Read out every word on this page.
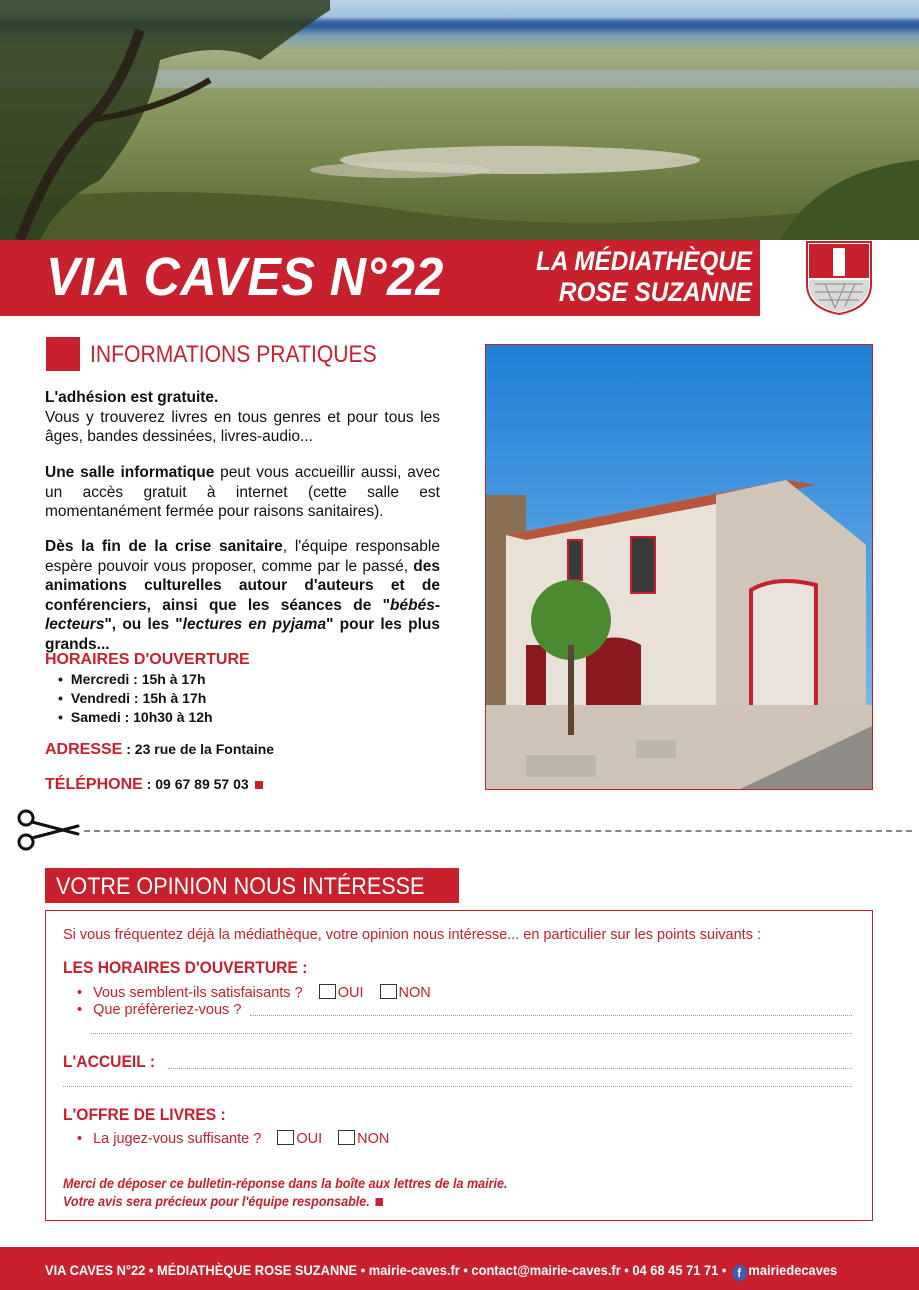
VIA CAVES N°22	LA MÉDIATHÈQUE
ROSE SUZANNE
INFORMATIONS PRATIQUES
L'adhésion est gratuite.
Vous y trouverez livres en tous genres et pour tous les âges, bandes dessinées, livres-audio...
Une salle informatique peut vous accueillir aussi, avec un accès gratuit à internet (cette salle est momentanément fermée pour raisons sanitaires).
Dès la fin de la crise sanitaire, l'équipe responsable espère pouvoir vous proposer, comme par le passé, des animations culturelles autour d'auteurs et de conférenciers, ainsi que les séances de "bébés-lecteurs", ou les "lectures en pyjama" pour les plus grands...
HORAIRES D'OUVERTURE
• Mercredi : 15h à 17h
• Vendredi : 15h à 17h
• Samedi : 10h30 à 12h
ADRESSE : 23 rue de la Fontaine
TÉLÉPHONE : 09 67 89 57 03
VOTRE OPINION NOUS INTÉRESSE
Si vous fréquentez déjà la médiathèque, votre opinion nous intéresse... en particulier sur les points suivants :
LES HORAIRES D'OUVERTURE :
• Vous semblent-ils satisfaisants ? OUI NON
• Que préfèreriez-vous ?
L'ACCUEIL :
L'OFFRE DE LIVRES :
• La jugez-vous suffisante ? OUI NON
Merci de déposer ce bulletin-réponse dans la boîte aux lettres de la mairie.
Votre avis sera précieux pour l'équipe responsable.
VIA CAVES N°22 • MÉDIATHÈQUE ROSE SUZANNE • mairie-caves.fr • contact@mairie-caves.fr • 04 68 45 71 71 • f mairiedecaves
